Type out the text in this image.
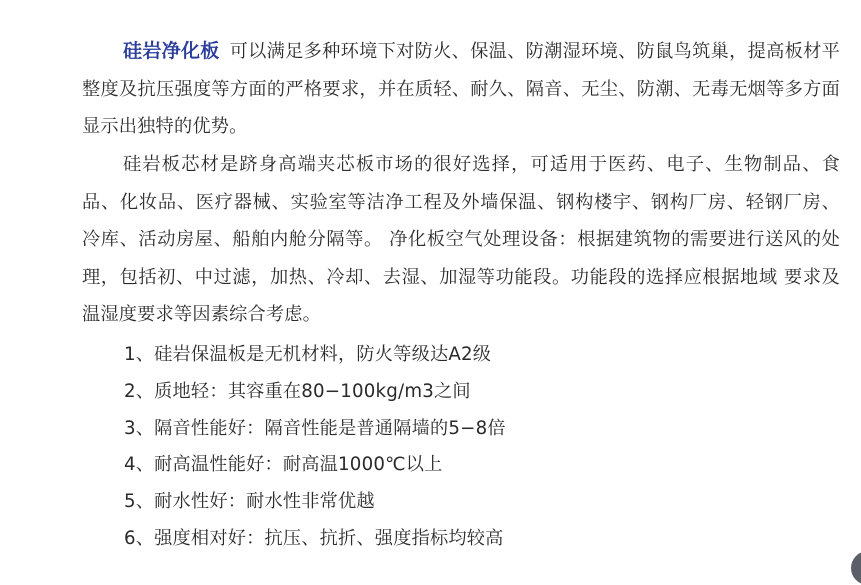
硅岩净化板 可以满足多种环境下对防火、保温、防潮湿环境、防鼠鸟筑巢，提高板材平整度及抗压强度等方面的严格要求，并在质轻、耐久、隔音、无尘、防潮、无毒无烟等多方面显示出独特的优势。

硅岩板芯材是跻身高端夹芯板市场的很好选择，可适用于医药、电子、生物制品、食品、化妆品、医疗器械、实验室等洁净工程及外墙保温、钢构楼宇、钢构厂房、轻钢厂房、 冷库、活动房屋、船舶内舱分隔等。 净化板空气处理设备：根据建筑物的需要进行送风的处理，包括初、中过滤，加热、冷却、去湿、加湿等功能段。功能段的选择应根据地域 要求及温湿度要求等因素综合考虑。

1、硅岩保温板是无机材料，防火等级达A2级
2、质地轻：其容重在80−100kg/m3之间
3、隔音性能好：隔音性能是普通隔墙的5−8倍
4、耐高温性能好：耐高温1000℃以上
5、耐水性好：耐水性非常优越
6、强度相对好：抗压、抗折、强度指标均较高
